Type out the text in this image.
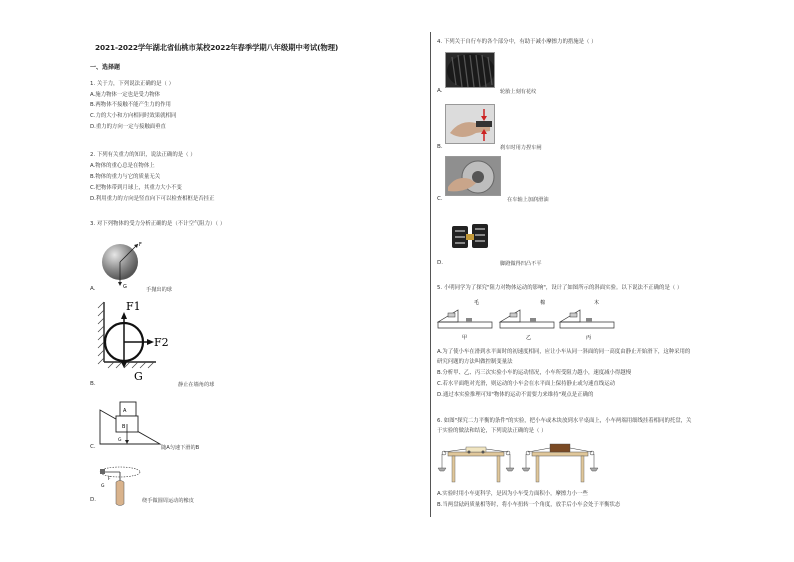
2021-2022学年湖北省仙桃市某校2022年春季学期八年级期中考试(物理)
一、选择题
1. 关于力，下列说法正确的是（ ）
A.施力物体一定也是受力物体
B.两物体不接触不能产生力的作用
C.力的大小和方向相同时效果就相同
D.重力的方向一定与接触面垂直
2. 下列有关重力的知识，说法正确的是（ ）
A.物体的重心总是在物体上
B.物体的重力与它的质量无关
C.把物体带到月球上，其重力大小不变
D.利用重力的方向是竖直向下可以检查相框是否挂正
3. 对下列物体的受力分析正确的是（不计空气阻力）（ ）
F
G
A.	手抛出的球
F1
F2
G
B.	静止在墙角的球
A
B
G
C.	随A匀速下滑的B
F
G
D.	绕手做圆周运动的橡皮
4. 下列关于自行车的各个部分中，有助于减小摩擦力的措施是（ ）
A.	轮胎上刻有花纹
B.	刹车时用力捏车闸
C.	在车轴上加润滑油
D.	脚蹬做得凹凸不平
5. 小明同学为了探究"阻力对物体运动的影响"，设计了如图所示的斜面实验。以下说法不正确的是（ ）
毛	棉	木
甲	乙	丙
A.为了使小车在滑到水平面时的初速度相同，应让小车从同一斜面的同一高度由静止开始滑下，这种采用的
研究问题的方法叫做控制变量法
B.分析甲、乙、丙三次实验小车的运动情况，小车所受阻力越小，速度减小得越慢
C.若水平面绝对光滑，则运动的小车会在水平面上保持静止或匀速直线运动
D.通过本实验推理可知"物体的运动不需要力来维持"观点是正确的
6. 如图"探究二力平衡的条件"的实验，把小车或木块放到水平桌面上，小车两端用细线挂着相同的托盘，关
于实验的做法和结论，下列说法正确的是（ ）
A.实验时用小车更科学，是因为小车受力面积小，摩擦力小一些
B.当两盘砝码质量相等时，将小车扭转一个角度，放手后小车会处于平衡状态
